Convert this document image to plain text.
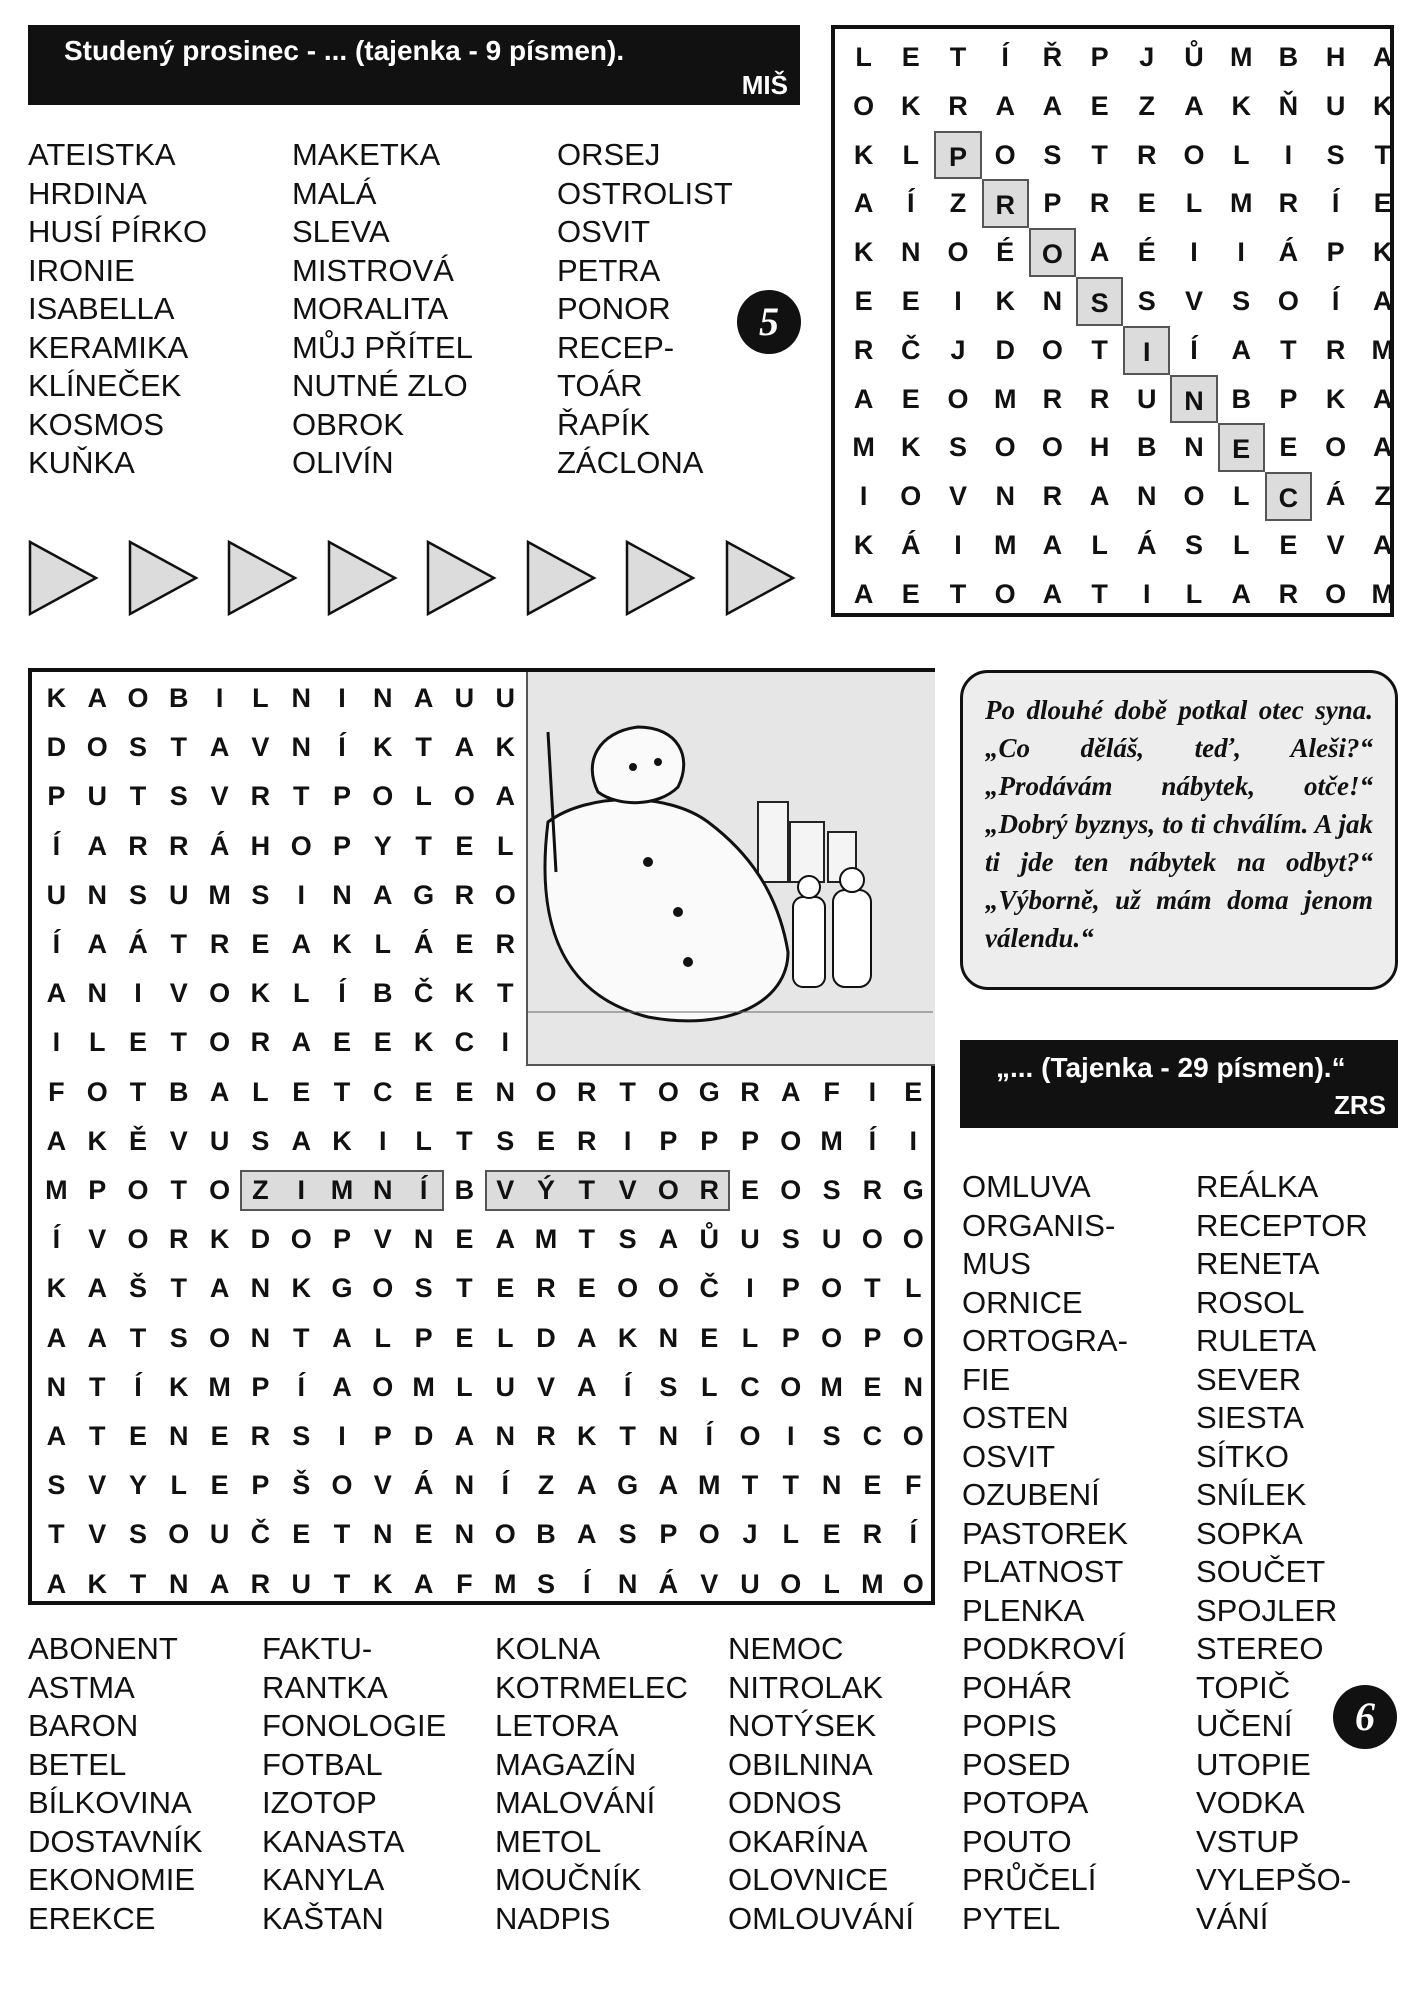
Studený prosinec - ... (tajenka - 9 písmen).
MIŠ
ATEISTKA
HRDINA
HUSÍ PÍRKO
IRONIE
ISABELLA
KERAMIKA
KLÍNEČEK
KOSMOS
KUŇKA
MAKETKA
MALÁ
SLEVA
MISTROVÁ
MORALITA
MŮJ PŘÍTEL
NUTNÉ ZLO
OBROK
OLIVÍN
ORSEJ
OSTROLIST
OSVIT
PETRA
PONOR
RECEP-
TOÁR
ŘAPÍK
ZÁCLONA
5
L	E	T	Í	Ř	P	J	Ů M B	H	A
O K	R	A	A	E	Z	A	K	Ň	U	K
K	L	P	O	S	T	R O	L	I	S	T
A	Í	Z	R	P	R	E	L	M R	Í	E
K	N O	É	O A	É	I	I	Á	P	K
E	E	I	K	N	S	S	V	S	O	Í	A
R	Č	J	D O	T	I	Í	A	T	R M
A	E	O M R	R	U	N	B	P	K	A
M K	S	O O H	B	N	E	E	O A
I	O	V	N	R	A	N O	L	C	Á	Z
K	Á	I	M A	L	Á	S	L	E	V	A
A	E	T	O A	T	I	L	A	R O M
K A O B	I	L N	I	N A U U
D O S T A V N	Í	K T A K
P U T S V R T P O L O A
Í	A R R Á H O P Y T E L
U N S U M S	I	N A G R O
Í	A Á T R E A K L Á E R
A N	I	V O K L	Í	B Č K T
I	L E T O R A E E K C	I
F O T B A L E T C E E N O R T O G R A F	I	E
A K Ě V U S A K	I	L T S E R	I	P P P O M Í	I
M P O T O Z	I M N	Í	B V Ý T V O R E O S R G
Í	V O R K D O P V N E A M T S A Ů U S U O O
K A Š T A N K G O S T E R E O O Č	I	P O T L
A A T S O N T A L P E L D A K N E L P O P O
N T	Í	K M P	Í	A O M L U V A	Í	S L C O M E N
A T E N E R S	I	P D A N R K T N	Í O I	S C O
S V Y L E P Š O V Á N	Í	Z A G A M T T N E F
T V S O U Č E T N E N O B A S P O J L E R	Í
A K T N A R U T K A F M S	Í	N Á V U O L M O
Po dlouhé době potkal otec syna. „Co děláš, teď, Aleši?“ „Prodávám nábytek, otče!“ „Dobrý byznys, to ti chválím. A jak ti jde ten nábytek na odbyt?“ „Výborně, už mám doma jenom válendu.“
„... (Tajenka - 29 písmen).“
ZRS
OMLUVA
ORGANIS-
MUS
ORNICE
ORTOGRA-
FIE
OSTEN
OSVIT
OZUBENÍ
PASTOREK
PLATNOST
PLENKA
PODKROVÍ
POHÁR
POPIS
POSED
POTOPA
POUTO
PRŮČELÍ
PYTEL
REÁLKA
RECEPTOR
RENETA
ROSOL
RULETA
SEVER
SIESTA
SÍTKO
SNÍLEK
SOPKA
SOUČET
SPOJLER
STEREO
TOPIČ
UČENÍ
UTOPIE
VODKA
VSTUP
VYLEPŠO-
VÁNÍ
6
ABONENT
ASTMA
BARON
BETEL
BÍLKOVINA
DOSTAVNÍK
EKONOMIE
EREKCE
FAKTU-
RANTKA
FONOLOGIE
FOTBAL
IZOTOP
KANASTA
KANYLA
KAŠTAN
KOLNA
KOTRMELEC
LETORA
MAGAZÍN
MALOVÁNÍ
METOL
MOUČNÍK
NADPIS
NEMOC
NITROLAK
NOTÝSEK
OBILNINA
ODNOS
OKARÍNA
OLOVNICE
OMLOUVÁNÍ
